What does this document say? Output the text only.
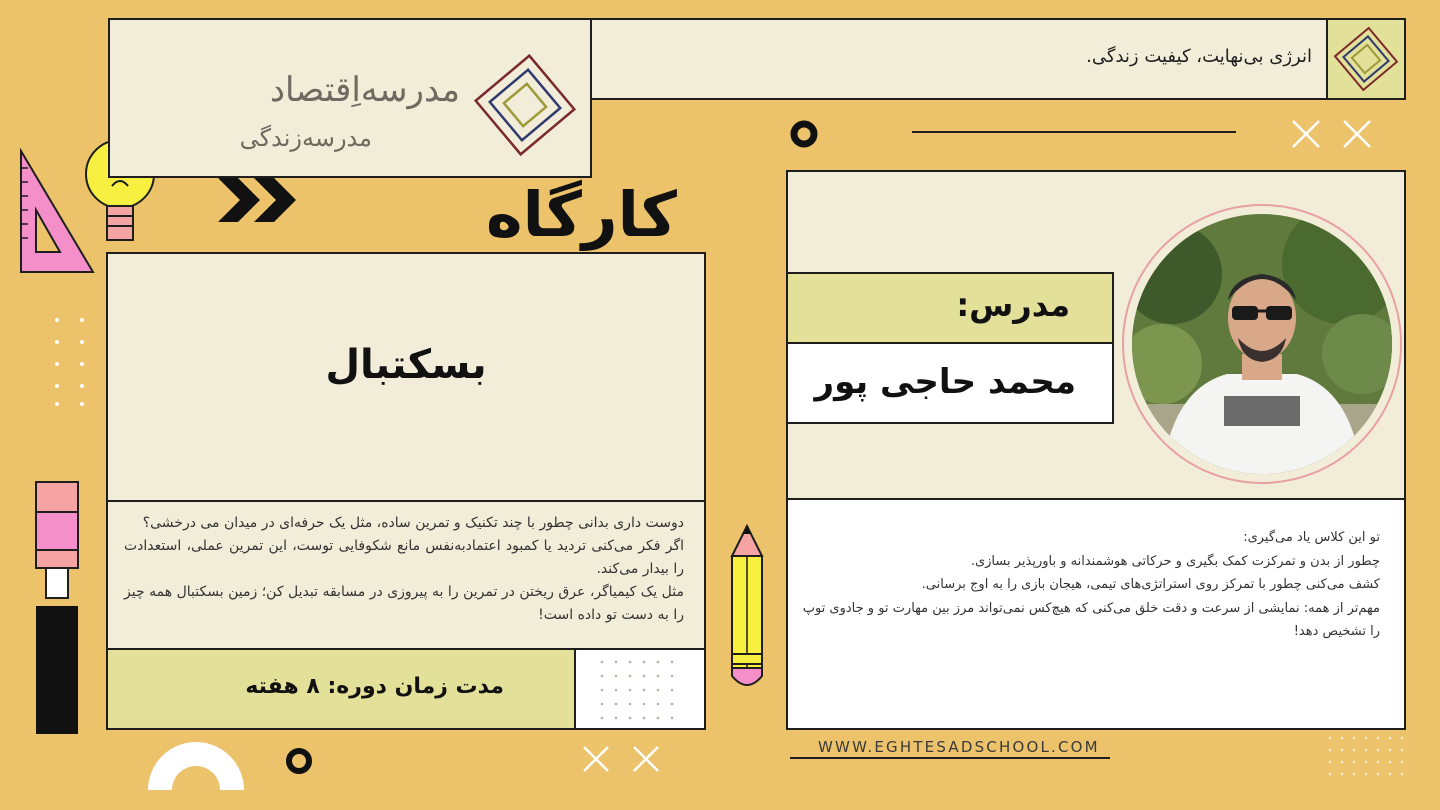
انرژی بی‌نهایت، کیفیت زندگی.
مدرسه‌اِقتصاد
مدرسه‌زندگی
کارگاه
بسکتبال

دوست داری بدانی چطور با چند تکنیک و تمرین ساده، مثل یک حرفه‌ای در میدان می درخشی؟

اگر فکر می‌کنی تردید یا کمبود اعتمادبه‌نفس مانع شکوفایی توست، این تمرین عملی، استعدادت را بیدار می‌کند.

مثل یک کیمیاگر، عرق ریختن در تمرین را به پیروزی در مسابقه تبدیل کن؛ زمین بسکتبال همه چیز را به دست تو داده است!

مدت زمان دوره: ۸ هفته
مدرس:
محمد حاجی پور

تو این کلاس یاد می‌گیری:

چطور از بدن و تمرکزت کمک بگیری و حرکاتی هوشمندانه و باورپذیر بسازی.

کشف می‌کنی چطور با تمرکز روی استراتژی‌های تیمی، هیجان بازی را به اوج برسانی.

مهم‌تر از همه: نمایشی از سرعت و دقت خلق می‌کنی که هیچ‌کس نمی‌تواند مرز بین مهارت تو و جادوی توپ را تشخیص دهد!

WWW.EGHTESADSCHOOL.COM
